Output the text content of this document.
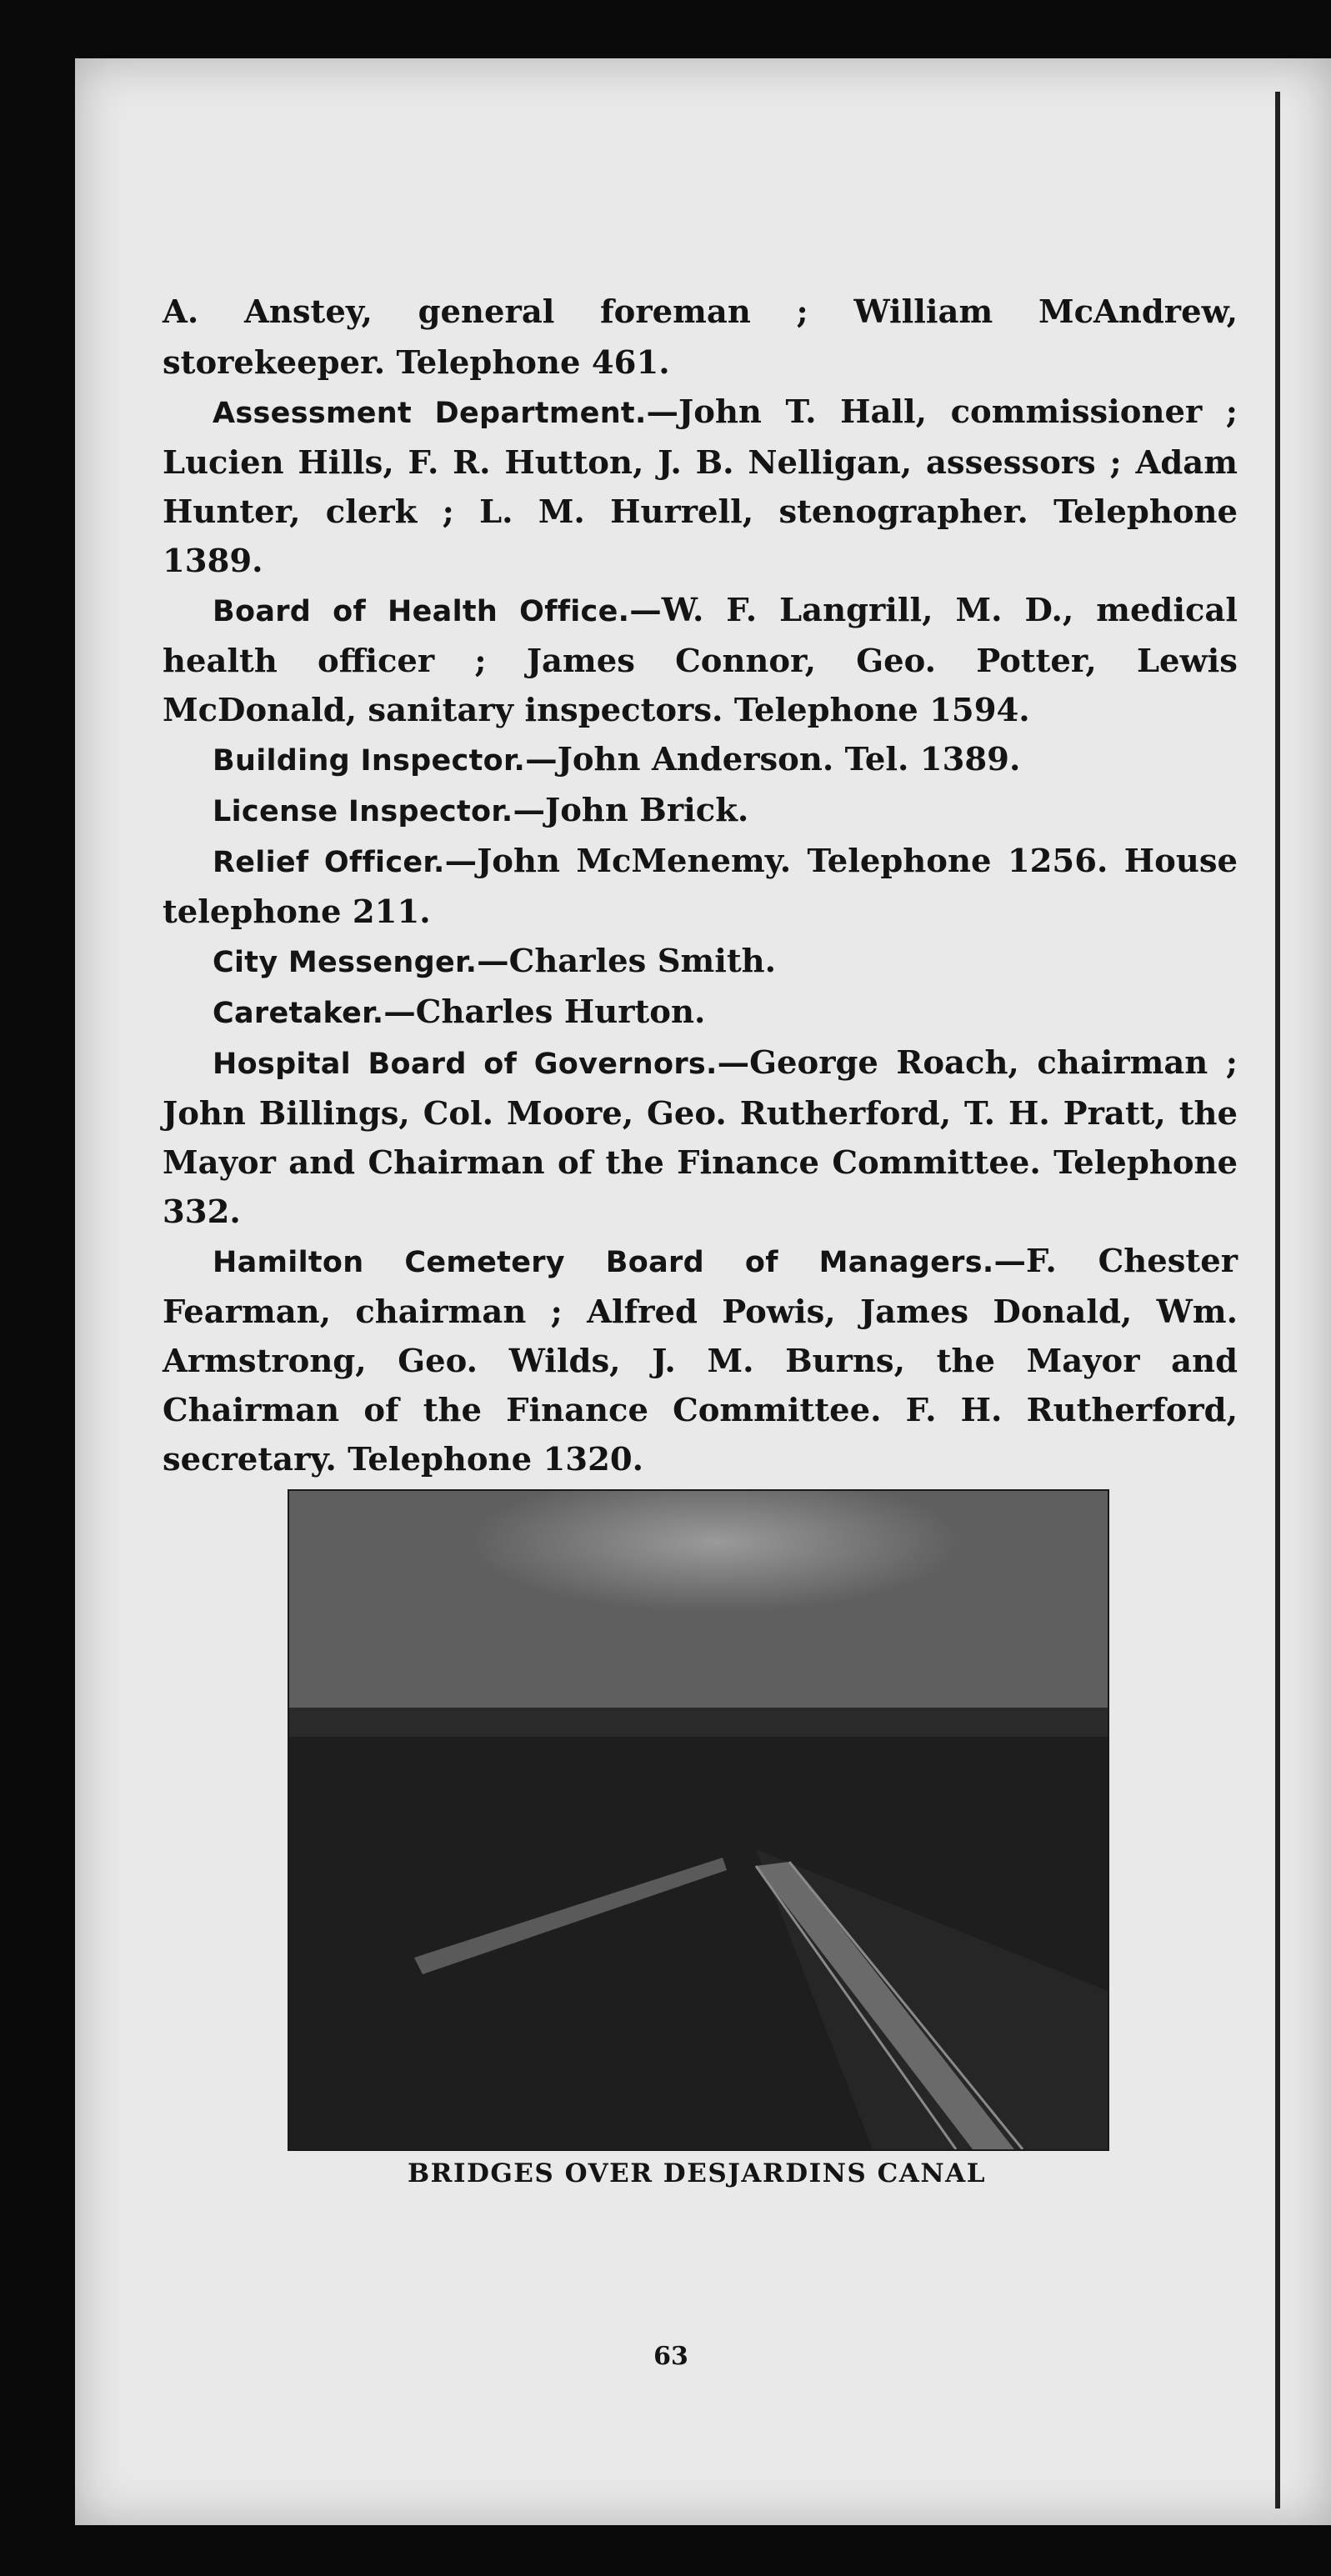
A. Anstey, general foreman ; William McAndrew, storekeeper. Telephone 461.

Assessment Department.—John T. Hall, commissioner ; Lucien Hills, F. R. Hutton, J. B. Nelligan, assessors ; Adam Hunter, clerk ; L. M. Hurrell, stenographer. Telephone 1389.

Board of Health Office.—W. F. Langrill, M. D., medical health officer ; James Connor, Geo. Potter, Lewis McDonald, sanitary inspectors. Telephone 1594.

Building Inspector.—John Anderson. Tel. 1389.

License Inspector.—John Brick.

Relief Officer.—John McMenemy. Telephone 1256. House telephone 211.

City Messenger.—Charles Smith.

Caretaker.—Charles Hurton.

Hospital Board of Governors.—George Roach, chairman ; John Billings, Col. Moore, Geo. Rutherford, T. H. Pratt, the Mayor and Chairman of the Finance Committee. Telephone 332.

Hamilton Cemetery Board of Managers.—F. Chester Fearman, chairman ; Alfred Powis, James Donald, Wm. Armstrong, Geo. Wilds, J. M. Burns, the Mayor and Chairman of the Finance Committee. F. H. Rutherford, secretary. Telephone 1320.

BRIDGES OVER DESJARDINS CANAL
63
